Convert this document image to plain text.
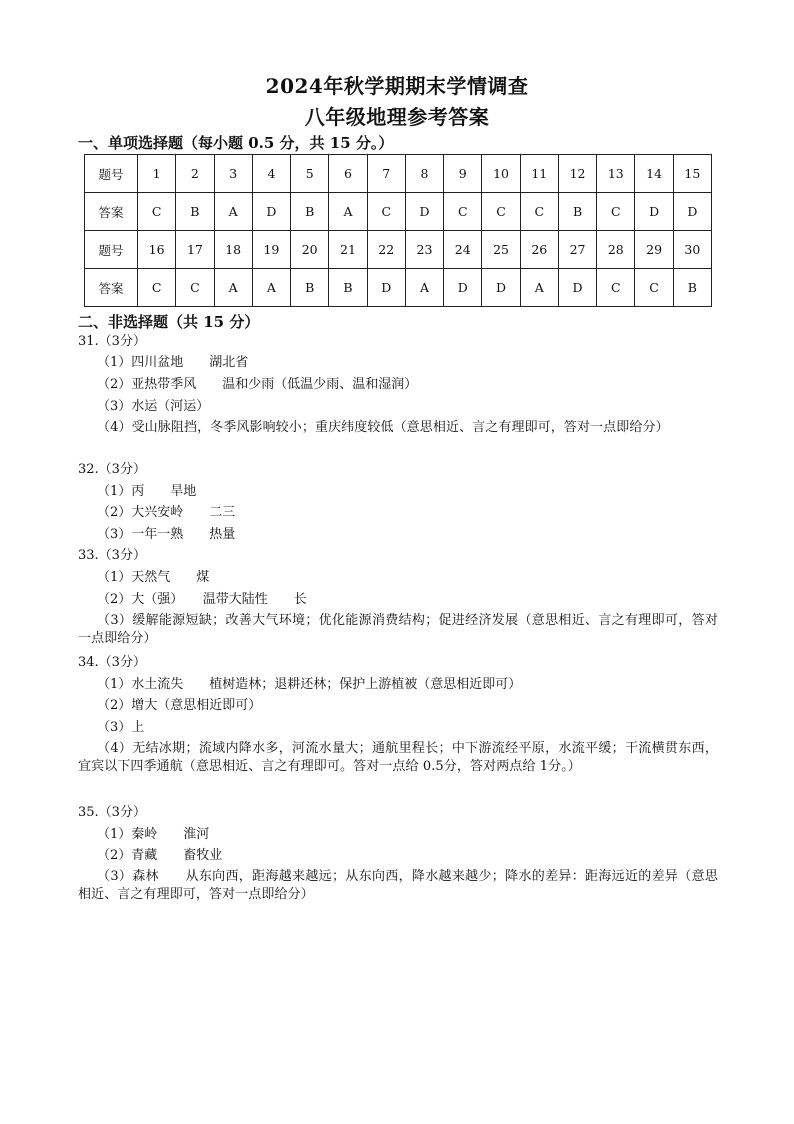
2024年秋学期期末学情调查
八年级地理参考答案
一、单项选择题（每小题 0.5 分，共 15 分。）
题号	1	2	3	4	5	6	7	8	9	10	11	12	13	14	15
答案	C	B	A	D	B	A	C	D	C	C	C	B	C	D	D
题号	16	17	18	19	20	21	22	23	24	25	26	27	28	29	30
答案	C	C	A	A	B	B	D	A	D	D	A	D	C	C	B
二、非选择题（共 15 分）
31.（3分）
（1）四川盆地　　湖北省
（2）亚热带季风　　温和少雨（低温少雨、温和湿润）
（3）水运（河运）
（4）受山脉阻挡，冬季风影响较小；重庆纬度较低（意思相近、言之有理即可，答对一点即给分）
32.（3分）
（1）丙　　旱地
（2）大兴安岭　　二三
（3）一年一熟　　热量
33.（3分）
（1）天然气　　煤
（2）大（强）　　温带大陆性　　长
（3）缓解能源短缺；改善大气环境；优化能源消费结构；促进经济发展（意思相近、言之有理即可，答对一点即给分）
34.（3分）
（1）水土流失　　植树造林；退耕还林；保护上游植被（意思相近即可）
（2）增大（意思相近即可）
（3）上
（4）无结冰期；流域内降水多，河流水量大；通航里程长；中下游流经平原，水流平缓；干流横贯东西，宜宾以下四季通航（意思相近、言之有理即可。答对一点给 0.5分，答对两点给 1分。）
35.（3分）
（1）秦岭　　淮河
（2）青藏　　畜牧业
（3）森林　　从东向西，距海越来越远；从东向西，降水越来越少；降水的差异：距海远近的差异（意思相近、言之有理即可，答对一点即给分）
